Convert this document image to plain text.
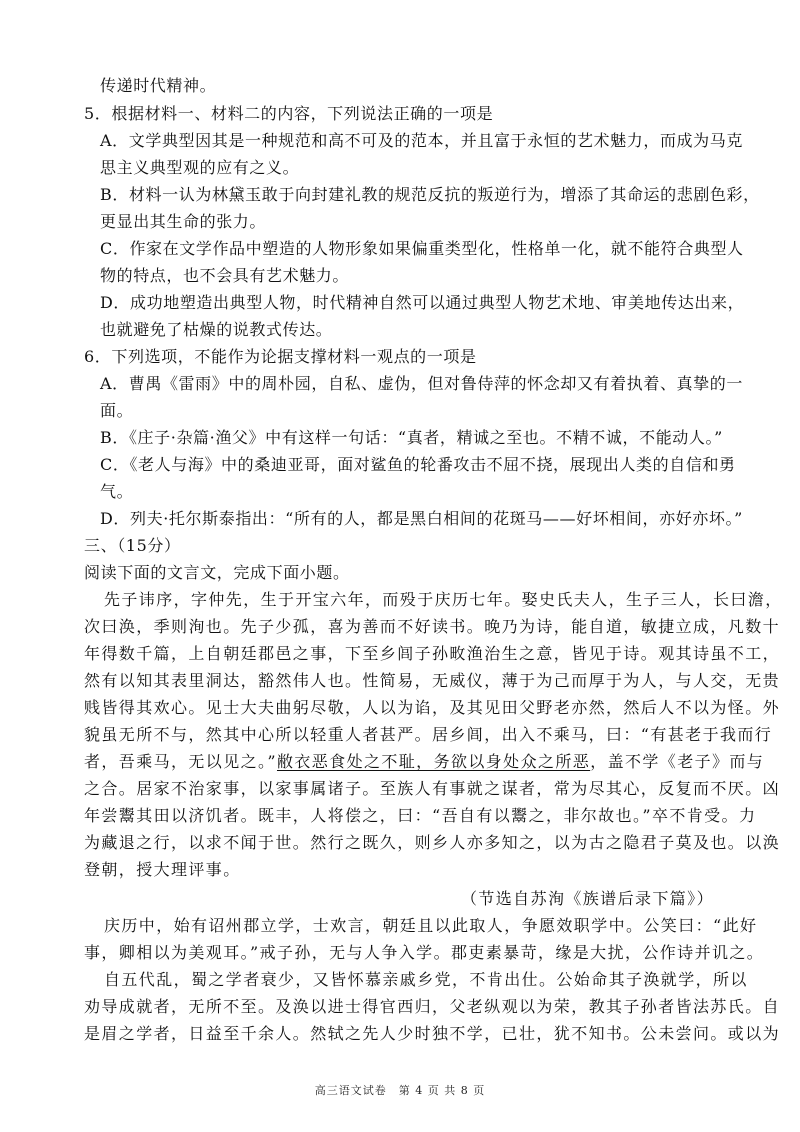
传递时代精神。
5．根据材料一、材料二的内容，下列说法正确的一项是
A．文学典型因其是一种规范和高不可及的范本，并且富于永恒的艺术魅力，而成为马克
思主义典型观的应有之义。
B．材料一认为林黛玉敢于向封建礼教的规范反抗的叛逆行为，增添了其命运的悲剧色彩，
更显出其生命的张力。
C．作家在文学作品中塑造的人物形象如果偏重类型化，性格单一化，就不能符合典型人
物的特点，也不会具有艺术魅力。
D．成功地塑造出典型人物，时代精神自然可以通过典型人物艺术地、审美地传达出来，
也就避免了枯燥的说教式传达。
6．下列选项，不能作为论据支撑材料一观点的一项是
A．曹禺《雷雨》中的周朴园，自私、虚伪，但对鲁侍萍的怀念却又有着执着、真挚的一
面。
B．《庄子·杂篇·渔父》中有这样一句话：“真者，精诚之至也。不精不诚，不能动人。”
C．《老人与海》中的桑迪亚哥，面对鲨鱼的轮番攻击不屈不挠，展现出人类的自信和勇
气。
D．列夫·托尔斯泰指出：“所有的人，都是黑白相间的花斑马——好坏相间，亦好亦坏。”
三、（15分）
阅读下面的文言文，完成下面小题。
先子讳序，字仲先，生于开宝六年，而殁于庆历七年。娶史氏夫人，生子三人，长曰澹，
次曰涣，季则洵也。先子少孤，喜为善而不好读书。晚乃为诗，能自道，敏捷立成，凡数十
年得数千篇，上自朝廷郡邑之事，下至乡闾子孙畋渔治生之意，皆见于诗。观其诗虽不工，
然有以知其表里洞达，豁然伟人也。性简易，无威仪，薄于为己而厚于为人，与人交，无贵
贱皆得其欢心。见士大夫曲躬尽敬，人以为谄，及其见田父野老亦然，然后人不以为怪。外
貌虽无所不与，然其中心所以轻重人者甚严。居乡闾，出入不乘马，曰：“有甚老于我而行
者，吾乘马，无以见之。”敝衣恶食处之不耻，务欲以身处众之所恶，盖不学《老子》而与
之合。居家不治家事，以家事属诸子。至族人有事就之谋者，常为尽其心，反复而不厌。凶
年尝鬻其田以济饥者。既丰，人将偿之，曰：“吾自有以鬻之，非尔故也。”卒不肯受。力
为藏退之行，以求不闻于世。然行之既久，则乡人亦多知之，以为古之隐君子莫及也。以涣
登朝，授大理评事。
（节选自苏洵《族谱后录下篇》）
庆历中，始有诏州郡立学，士欢言，朝廷且以此取人，争愿效职学中。公笑曰：“此好
事，卿相以为美观耳。”戒子孙，无与人争入学。郡吏素暴苛，缘是大扰，公作诗并讥之。
自五代乱，蜀之学者衰少，又皆怀慕亲戚乡党，不肯出仕。公始命其子涣就学，所以
劝导成就者，无所不至。及涣以进士得官西归，父老纵观以为荣，教其子孙者皆法苏氏。自
是眉之学者，日益至千余人。然轼之先人少时独不学，已壮，犹不知书。公未尝问。或以为
高三语文试卷　第 4 页 共 8 页
